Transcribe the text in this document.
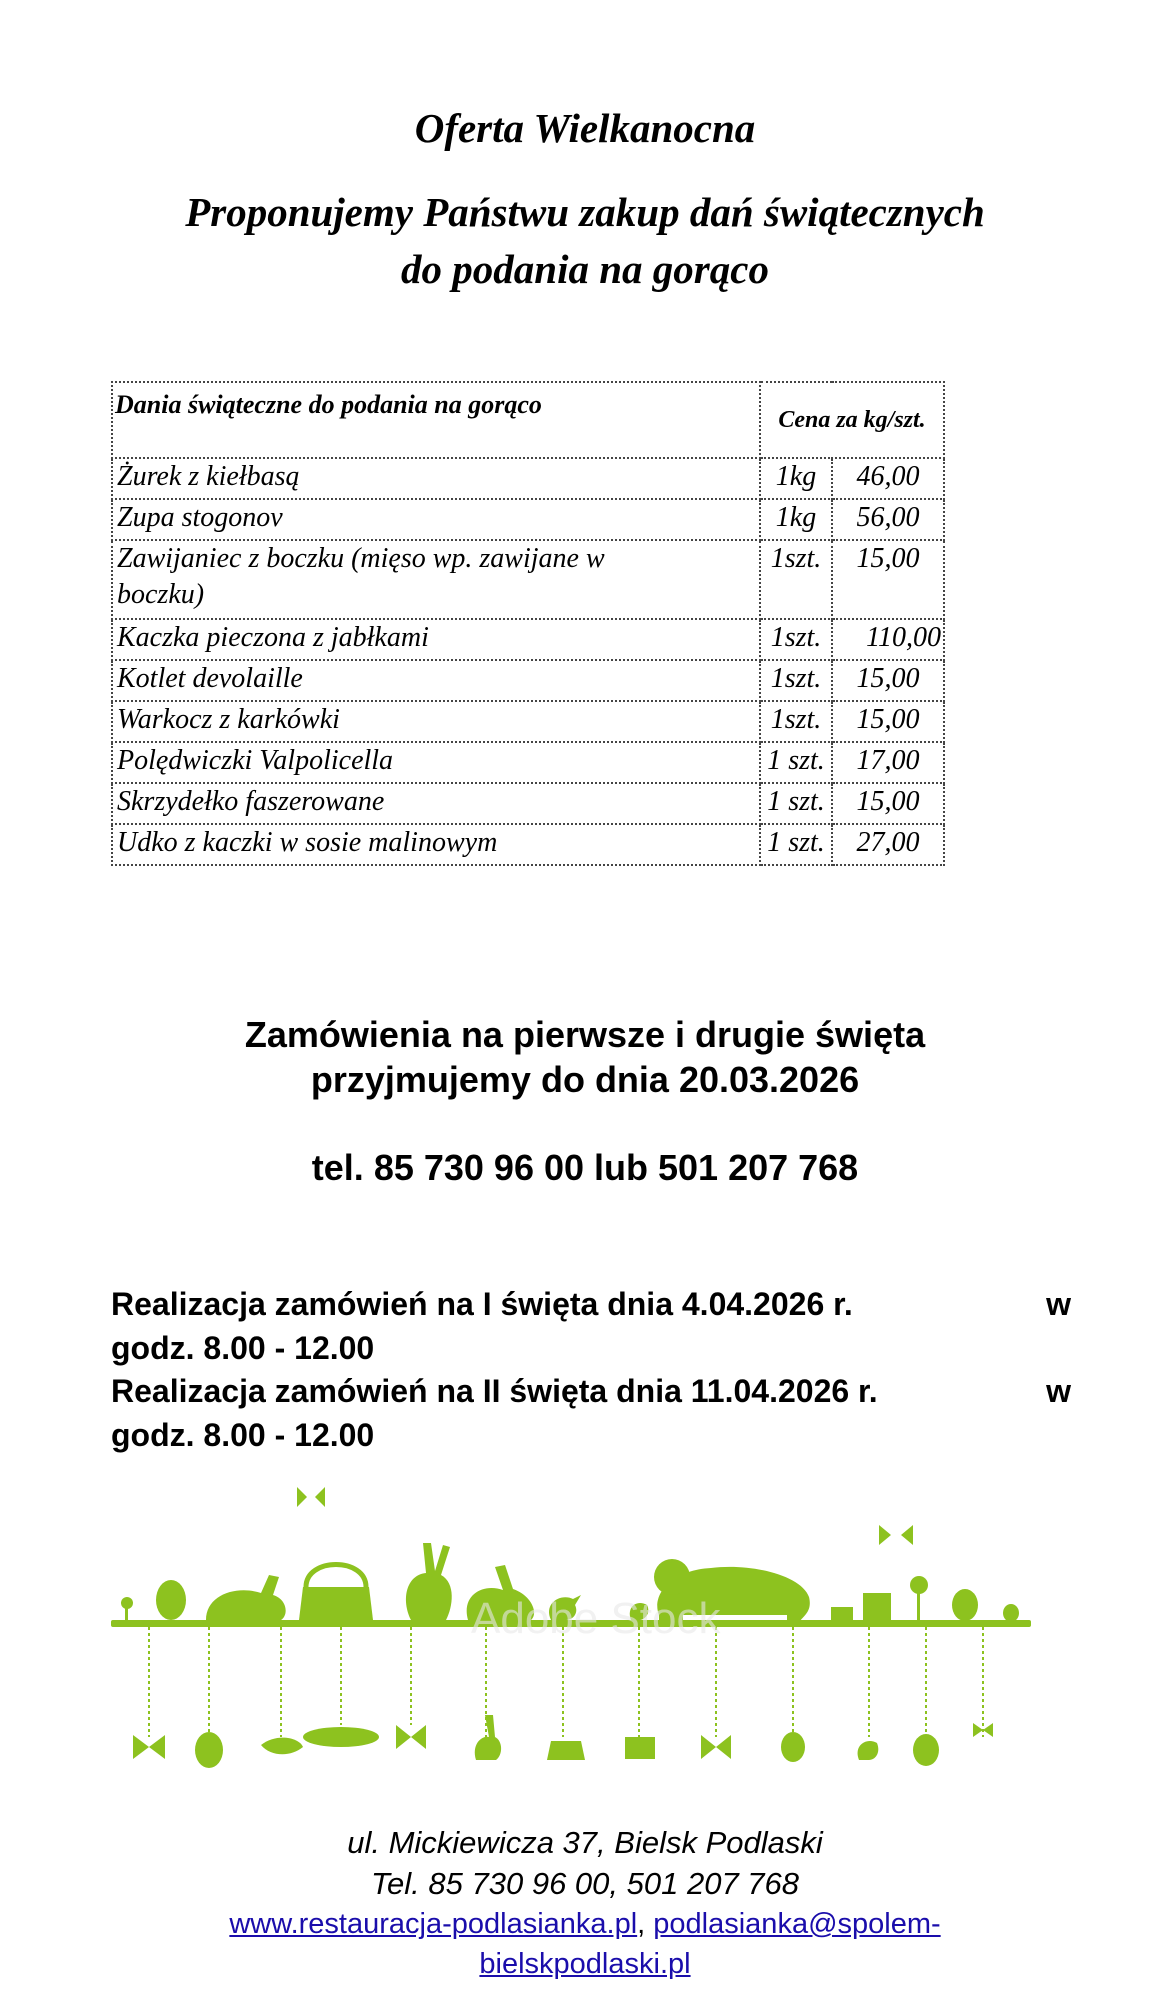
Oferta Wielkanocna
Proponujemy Państwu zakup dań świątecznych
do podania na gorąco
Dania świąteczne do podania na gorąco	Cena za kg/szt.	
Żurek z kiełbasą	1kg	46,00
Zupa stogonov	1kg	56,00

Zawijaniec z boczku (mięso wp. zawijane w
boczku)	1szt.	15,00
Kaczka pieczona z jabłkami	1szt.	110,00
Kotlet devolaille	1szt.	15,00
Warkocz z karkówki	1szt.	15,00
Polędwiczki Valpolicella	1 szt.	17,00
Skrzydełko faszerowane	1 szt.	15,00
Udko z kaczki w sosie malinowym	1 szt.	27,00
Zamówienia na pierwsze i drugie święta
przyjmujemy do dnia 20.03.2026
tel. 85 730 96 00 lub 501 207 768
Realizacja zamówień na I święta dnia 4.04.2026 r.	w
godz. 8.00 - 12.00
Realizacja zamówień na II święta dnia 11.04.2026 r.	w
godz. 8.00 - 12.00
Adobe Stock
ul. Mickiewicza 37, Bielsk Podlaski
Tel. 85 730 96 00, 501 207 768
www.restauracja-podlasianka.pl, podlasianka@spolem-
bielskpodlaski.pl
